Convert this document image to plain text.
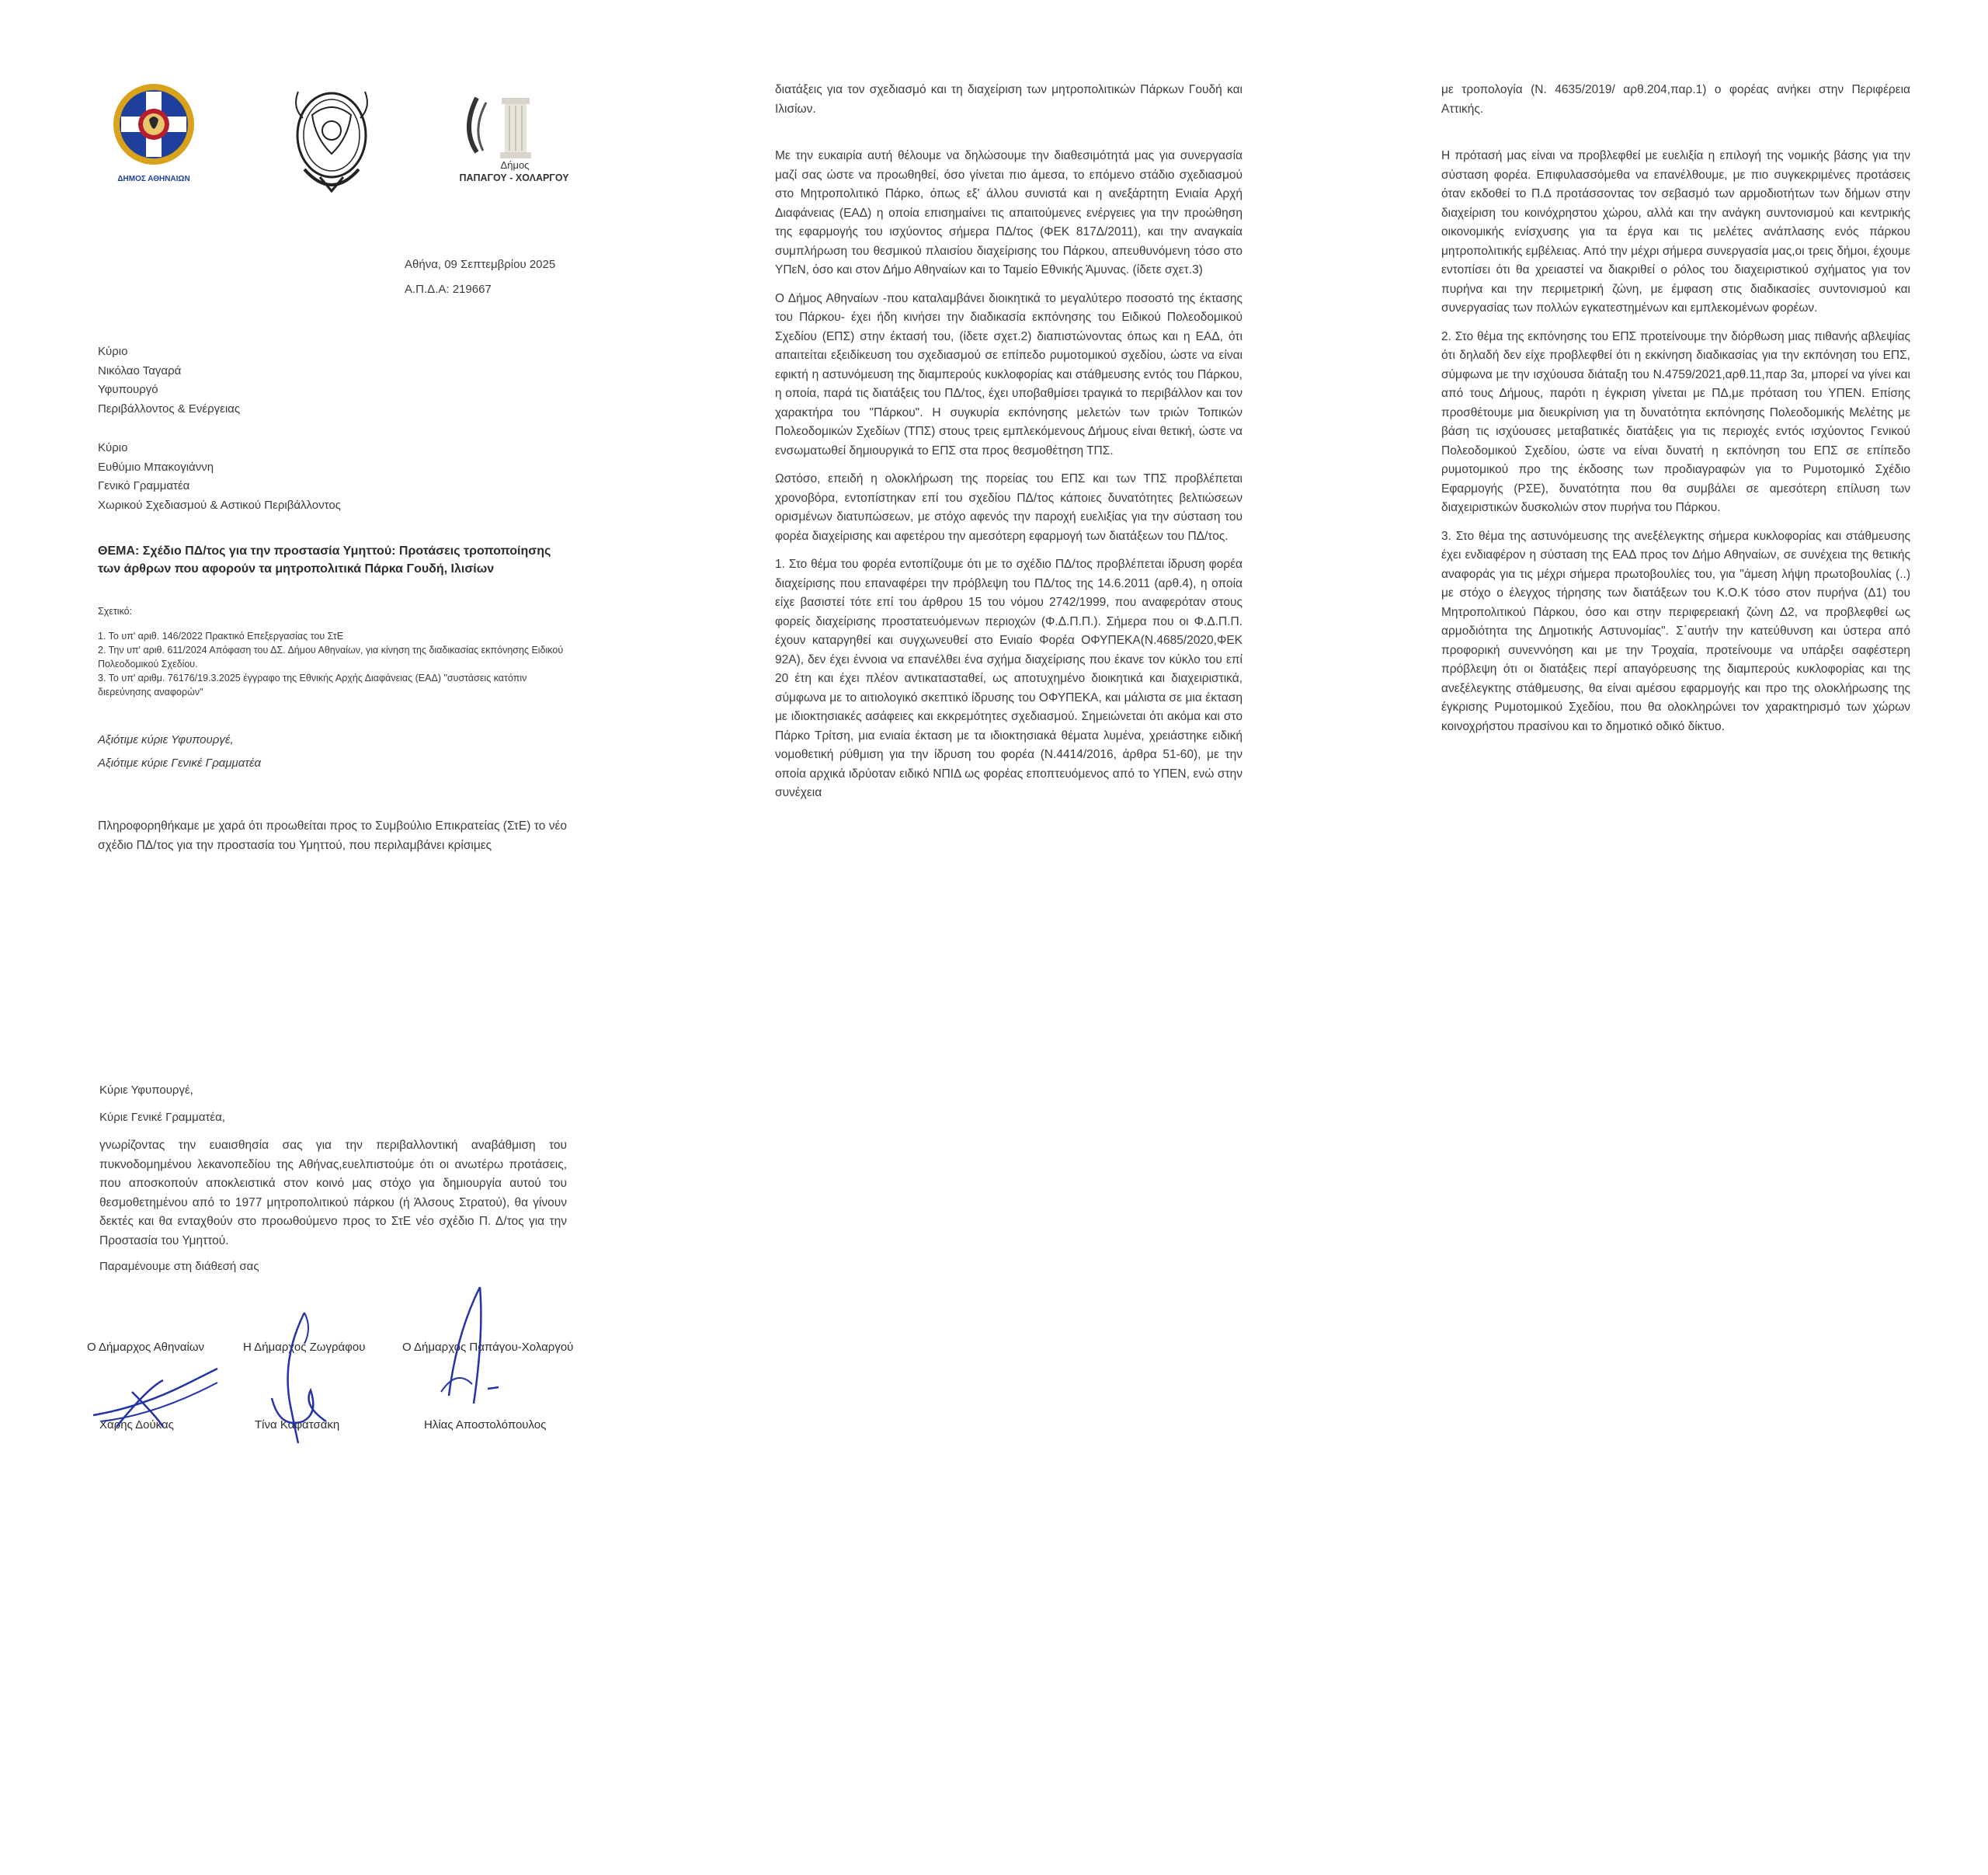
ΔΗΜΟΣ ΑΘΗΝΑΙΩΝ
Δήμος
ΠΑΠΑΓΟΥ - ΧΟΛΑΡΓΟΥ
Αθήνα, 09 Σεπτεμβρίου 2025
Α.Π.Δ.Α: 219667
Κύριο
Νικόλαο Ταγαρά
Υφυπουργό
Περιβάλλοντος & Ενέργειας
Κύριο
Ευθύμιο Μπακογιάννη
Γενικό Γραμματέα
Χωρικού Σχεδιασμού & Αστικού Περιβάλλοντος
ΘΕΜΑ: Σχέδιο ΠΔ/τος για την προστασία Υμηττού: Προτάσεις τροποποίησης των άρθρων που αφορούν τα μητροπολιτικά Πάρκα Γουδή, Ιλισίων
Σχετικό:
1. Το υπ' αριθ. 146/2022 Πρακτικό Επεξεργασίας του ΣτΕ
2. Την υπ' αριθ. 611/2024 Απόφαση του ΔΣ. Δήμου Αθηναίων, για κίνηση της διαδικασίας εκπόνησης Ειδικού Πολεοδομικού Σχεδίου.
3. Το υπ' αριθμ. 76176/19.3.2025 έγγραφο της Εθνικής Αρχής Διαφάνειας (ΕΑΔ) "συστάσεις κατόπιν διερεύνησης αναφορών"
Αξιότιμε κύριε Υφυπουργέ,
Αξιότιμε κύριε Γενικέ Γραμματέα
Πληροφορηθήκαμε με χαρά ότι προωθείται προς το Συμβούλιο Επικρατείας (ΣτΕ) το νέο σχέδιο ΠΔ/τος για την προστασία του Υμηττού, που περιλαμβάνει κρίσιμες

διατάξεις για τον σχεδιασμό και τη διαχείριση των μητροπολιτικών Πάρκων Γουδή και Ιλισίων.

Με την ευκαιρία αυτή θέλουμε να δηλώσουμε την διαθεσιμότητά μας για συνεργασία μαζί σας ώστε να προωθηθεί, όσο γίνεται πιο άμεσα, το επόμενο στάδιο σχεδιασμού στο Μητροπολιτικό Πάρκο, όπως εξ' άλλου συνιστά και η ανεξάρτητη Ενιαία Αρχή Διαφάνειας (ΕΑΔ) η οποία επισημαίνει τις απαιτούμενες ενέργειες για την προώθηση της εφαρμογής του ισχύοντος σήμερα ΠΔ/τος (ΦΕΚ 817Δ/2011), και την αναγκαία συμπλήρωση του θεσμικού πλαισίου διαχείρισης του Πάρκου, απευθυνόμενη τόσο στο ΥΠεΝ, όσο και στον Δήμο Αθηναίων και το Ταμείο Εθνικής Άμυνας. (ίδετε σχετ.3)

Ο Δήμος Αθηναίων -που καταλαμβάνει διοικητικά το μεγαλύτερο ποσοστό της έκτασης του Πάρκου- έχει ήδη κινήσει την διαδικασία εκπόνησης του Ειδικού Πολεοδομικού Σχεδίου (ΕΠΣ) στην έκτασή του, (ίδετε σχετ.2) διαπιστώνοντας όπως και η ΕΑΔ, ότι απαιτείται εξειδίκευση του σχεδιασμού σε επίπεδο ρυμοτομικού σχεδίου, ώστε να είναι εφικτή η αστυνόμευση της διαμπερούς κυκλοφορίας και στάθμευσης εντός του Πάρκου, η οποία, παρά τις διατάξεις του ΠΔ/τος, έχει υποβαθμίσει τραγικά το περιβάλλον και τον χαρακτήρα του "Πάρκου". Η συγκυρία εκπόνησης μελετών των τριών Τοπικών Πολεοδομικών Σχεδίων (ΤΠΣ) στους τρεις εμπλεκόμενους Δήμους είναι θετική, ώστε να ενσωματωθεί δημιουργικά το ΕΠΣ στα προς θεσμοθέτηση ΤΠΣ.

Ωστόσο, επειδή η ολοκλήρωση της πορείας του ΕΠΣ και των ΤΠΣ προβλέπεται χρονοβόρα, εντοπίστηκαν επί του σχεδίου ΠΔ/τος κάποιες δυνατότητες βελτιώσεων ορισμένων διατυπώσεων, με στόχο αφενός την παροχή ευελιξίας για την σύσταση του φορέα διαχείρισης και αφετέρου την αμεσότερη εφαρμογή των διατάξεων του ΠΔ/τος.

1. Στο θέμα του φορέα εντοπίζουμε ότι με το σχέδιο ΠΔ/τος προβλέπεται ίδρυση φορέα διαχείρισης που επαναφέρει την πρόβλεψη του ΠΔ/τος της 14.6.2011 (αρθ.4), η οποία είχε βασιστεί τότε επί του άρθρου 15 του νόμου 2742/1999, που αναφερόταν στους φορείς διαχείρισης προστατευόμενων περιοχών (Φ.Δ.Π.Π.). Σήμερα που οι Φ.Δ.Π.Π. έχουν καταργηθεί και συγχωνευθεί στο Ενιαίο Φορέα ΟΦΥΠΕΚΑ(Ν.4685/2020,ΦΕΚ 92Α), δεν έχει έννοια να επανέλθει ένα σχήμα διαχείρισης που έκανε τον κύκλο του επί 20 έτη και έχει πλέον αντικατασταθεί, ως αποτυχημένο διοικητικά και διαχειριστικά, σύμφωνα με το αιτιολογικό σκεπτικό ίδρυσης του ΟΦΥΠΕΚΑ, και μάλιστα σε μια έκταση με ιδιοκτησιακές ασάφειες και εκκρεμότητες σχεδιασμού. Σημειώνεται ότι ακόμα και στο Πάρκο Τρίτση, μια ενιαία έκταση με τα ιδιοκτησιακά θέματα λυμένα, χρειάστηκε ειδική νομοθετική ρύθμιση για την ίδρυση του φορέα (Ν.4414/2016, άρθρα 51-60), με την οποία αρχικά ιδρύοταν ειδικό ΝΠΙΔ ως φορέας εποπτευόμενος από το ΥΠΕΝ, ενώ στην συνέχεια

με τροπολογία (Ν. 4635/2019/ αρθ.204,παρ.1) ο φορέας ανήκει στην Περιφέρεια Αττικής.

Η πρότασή μας είναι να προβλεφθεί με ευελιξία η επιλογή της νομικής βάσης για την σύσταση φορέα. Επιφυλασσόμεθα να επανέλθουμε, με πιο συγκεκριμένες προτάσεις όταν εκδοθεί το Π.Δ προτάσσοντας τον σεβασμό των αρμοδιοτήτων των δήμων στην διαχείριση του κοινόχρηστου χώρου, αλλά και την ανάγκη συντονισμού και κεντρικής οικονομικής ενίσχυσης για τα έργα και τις μελέτες ανάπλασης ενός πάρκου μητροπολιτικής εμβέλειας. Από την μέχρι σήμερα συνεργασία μας,οι τρεις δήμοι, έχουμε εντοπίσει ότι θα χρειαστεί να διακριθεί ο ρόλος του διαχειριστικού σχήματος για τον πυρήνα και την περιμετρική ζώνη, με έμφαση στις διαδικασίες συντονισμού και συνεργασίας των πολλών εγκατεστημένων και εμπλεκομένων φορέων.

2. Στο θέμα της εκπόνησης του ΕΠΣ προτείνουμε την διόρθωση μιας πιθανής αβλεψίας ότι δηλαδή δεν είχε προβλεφθεί ότι η εκκίνηση διαδικασίας για την εκπόνηση του ΕΠΣ, σύμφωνα με την ισχύουσα διάταξη του Ν.4759/2021,αρθ.11,παρ 3α, μπορεί να γίνει και από τους Δήμους, παρότι η έγκριση γίνεται με ΠΔ,με πρόταση του ΥΠΕΝ. Επίσης προσθέτουμε μια διευκρίνιση για τη δυνατότητα εκπόνησης Πολεοδομικής Μελέτης με βάση τις ισχύουσες μεταβατικές διατάξεις για τις περιοχές εντός ισχύοντος Γενικού Πολεοδομικού Σχεδίου, ώστε να είναι δυνατή η εκπόνηση του ΕΠΣ σε επίπεδο ρυμοτομικού προ της έκδοσης των προδιαγραφών για το Ρυμοτομικό Σχέδιο Εφαρμογής (ΡΣΕ), δυνατότητα που θα συμβάλει σε αμεσότερη επίλυση των διαχειριστικών δυσκολιών στον πυρήνα του Πάρκου.

3. Στο θέμα της αστυνόμευσης της ανεξέλεγκτης σήμερα κυκλοφορίας και στάθμευσης έχει ενδιαφέρον η σύσταση της ΕΑΔ προς τον Δήμο Αθηναίων, σε συνέχεια της θετικής αναφοράς για τις μέχρι σήμερα πρωτοβουλίες του, για "άμεση λήψη πρωτοβουλίας (..) με στόχο ο έλεγχος τήρησης των διατάξεων του Κ.Ο.Κ τόσο στον πυρήνα (Δ1) του Μητροπολιτικού Πάρκου, όσο και στην περιφερειακή ζώνη Δ2, να προβλεφθεί ως αρμοδιότητα της Δημοτικής Αστυνομίας". Σ΄αυτήν την κατεύθυνση και ύστερα από προφορική συνεννόηση και με την Τροχαία, προτείνουμε να υπάρξει σαφέστερη πρόβλεψη ότι οι διατάξεις περί απαγόρευσης της διαμπερούς κυκλοφορίας και της ανεξέλεγκτης στάθμευσης, θα είναι αμέσου εφαρμογής και προ της ολοκλήρωσης της έγκρισης Ρυμοτομικού Σχεδίου, που θα ολοκληρώνει τον χαρακτηρισμό των χώρων κοινοχρήστου πρασίνου και το δημοτικό οδικό δίκτυο.

Κύριε Υφυπουργέ,
Κύριε Γενικέ Γραμματέα,
γνωρίζοντας την ευαισθησία σας για την περιβαλλοντική αναβάθμιση του πυκνοδομημένου λεκανοπεδίου της Αθήνας,ευελπιστούμε ότι οι ανωτέρω προτάσεις, που αποσκοπούν αποκλειστικά στον κοινό μας στόχο για δημιουργία αυτού του θεσμοθετημένου από το 1977 μητροπολιτικού πάρκου (ή Άλσους Στρατού), θα γίνουν δεκτές και θα ενταχθούν στο προωθούμενο προς το ΣτΕ νέο σχέδιο Π. Δ/τος για την Προστασία του Υμηττού.
Παραμένουμε στη διάθεσή σας
Ο Δήμαρχος Αθηναίων	Η Δήμαρχος Ζωγράφου	Ο Δήμαρχος Παπάγου-Χολαργού
Χάρης Δούκας	Τίνα Καφατσάκη	Ηλίας Αποστολόπουλος
